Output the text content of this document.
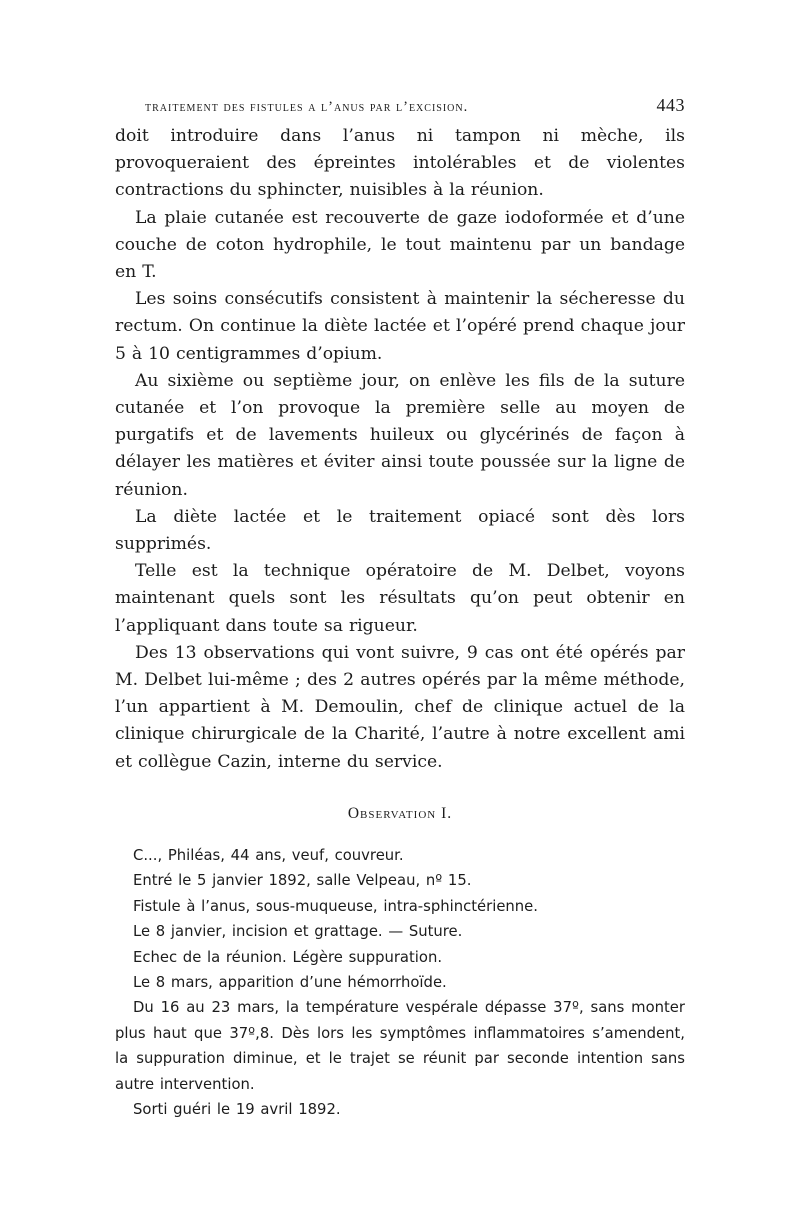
traitement des fistules a l’anus par l’excision.	443

doit introduire dans l’anus ni tampon ni mèche, ils provoqueraient des épreintes intolérables et de violentes contractions du sphincter, nuisibles à la réunion.

La plaie cutanée est recouverte de gaze iodoformée et d’une couche de coton hydrophile, le tout maintenu par un bandage en T.

Les soins consécutifs consistent à maintenir la sécheresse du rectum. On continue la diète lactée et l’opéré prend chaque jour 5 à 10 centigrammes d’opium.

Au sixième ou septième jour, on enlève les fils de la suture cutanée et l’on provoque la première selle au moyen de purgatifs et de lavements huileux ou glycérinés de façon à délayer les matières et éviter ainsi toute poussée sur la ligne de réunion.

La diète lactée et le traitement opiacé sont dès lors supprimés.

Telle est la technique opératoire de M. Delbet, voyons maintenant quels sont les résultats qu’on peut obtenir en l’appliquant dans toute sa rigueur.

Des 13 observations qui vont suivre, 9 cas ont été opérés par M. Delbet lui-même ; des 2 autres opérés par la même méthode, l’un appartient à M. Demoulin, chef de clinique actuel de la clinique chirurgicale de la Charité, l’autre à notre excellent ami et collègue Cazin, interne du service.

Observation I.

C..., Philéas, 44 ans, veuf, couvreur.

Entré le 5 janvier 1892, salle Velpeau, nº 15.

Fistule à l’anus, sous-muqueuse, intra-sphinctérienne.

Le 8 janvier, incision et grattage. — Suture.

Echec de la réunion. Légère suppuration.

Le 8 mars, apparition d’une hémorrhoïde.

Du 16 au 23 mars, la température vespérale dépasse 37º, sans monter plus haut que 37º,8. Dès lors les symptômes inflammatoires s’amendent, la suppuration diminue, et le trajet se réunit par seconde intention sans autre intervention.

Sorti guéri le 19 avril 1892.
